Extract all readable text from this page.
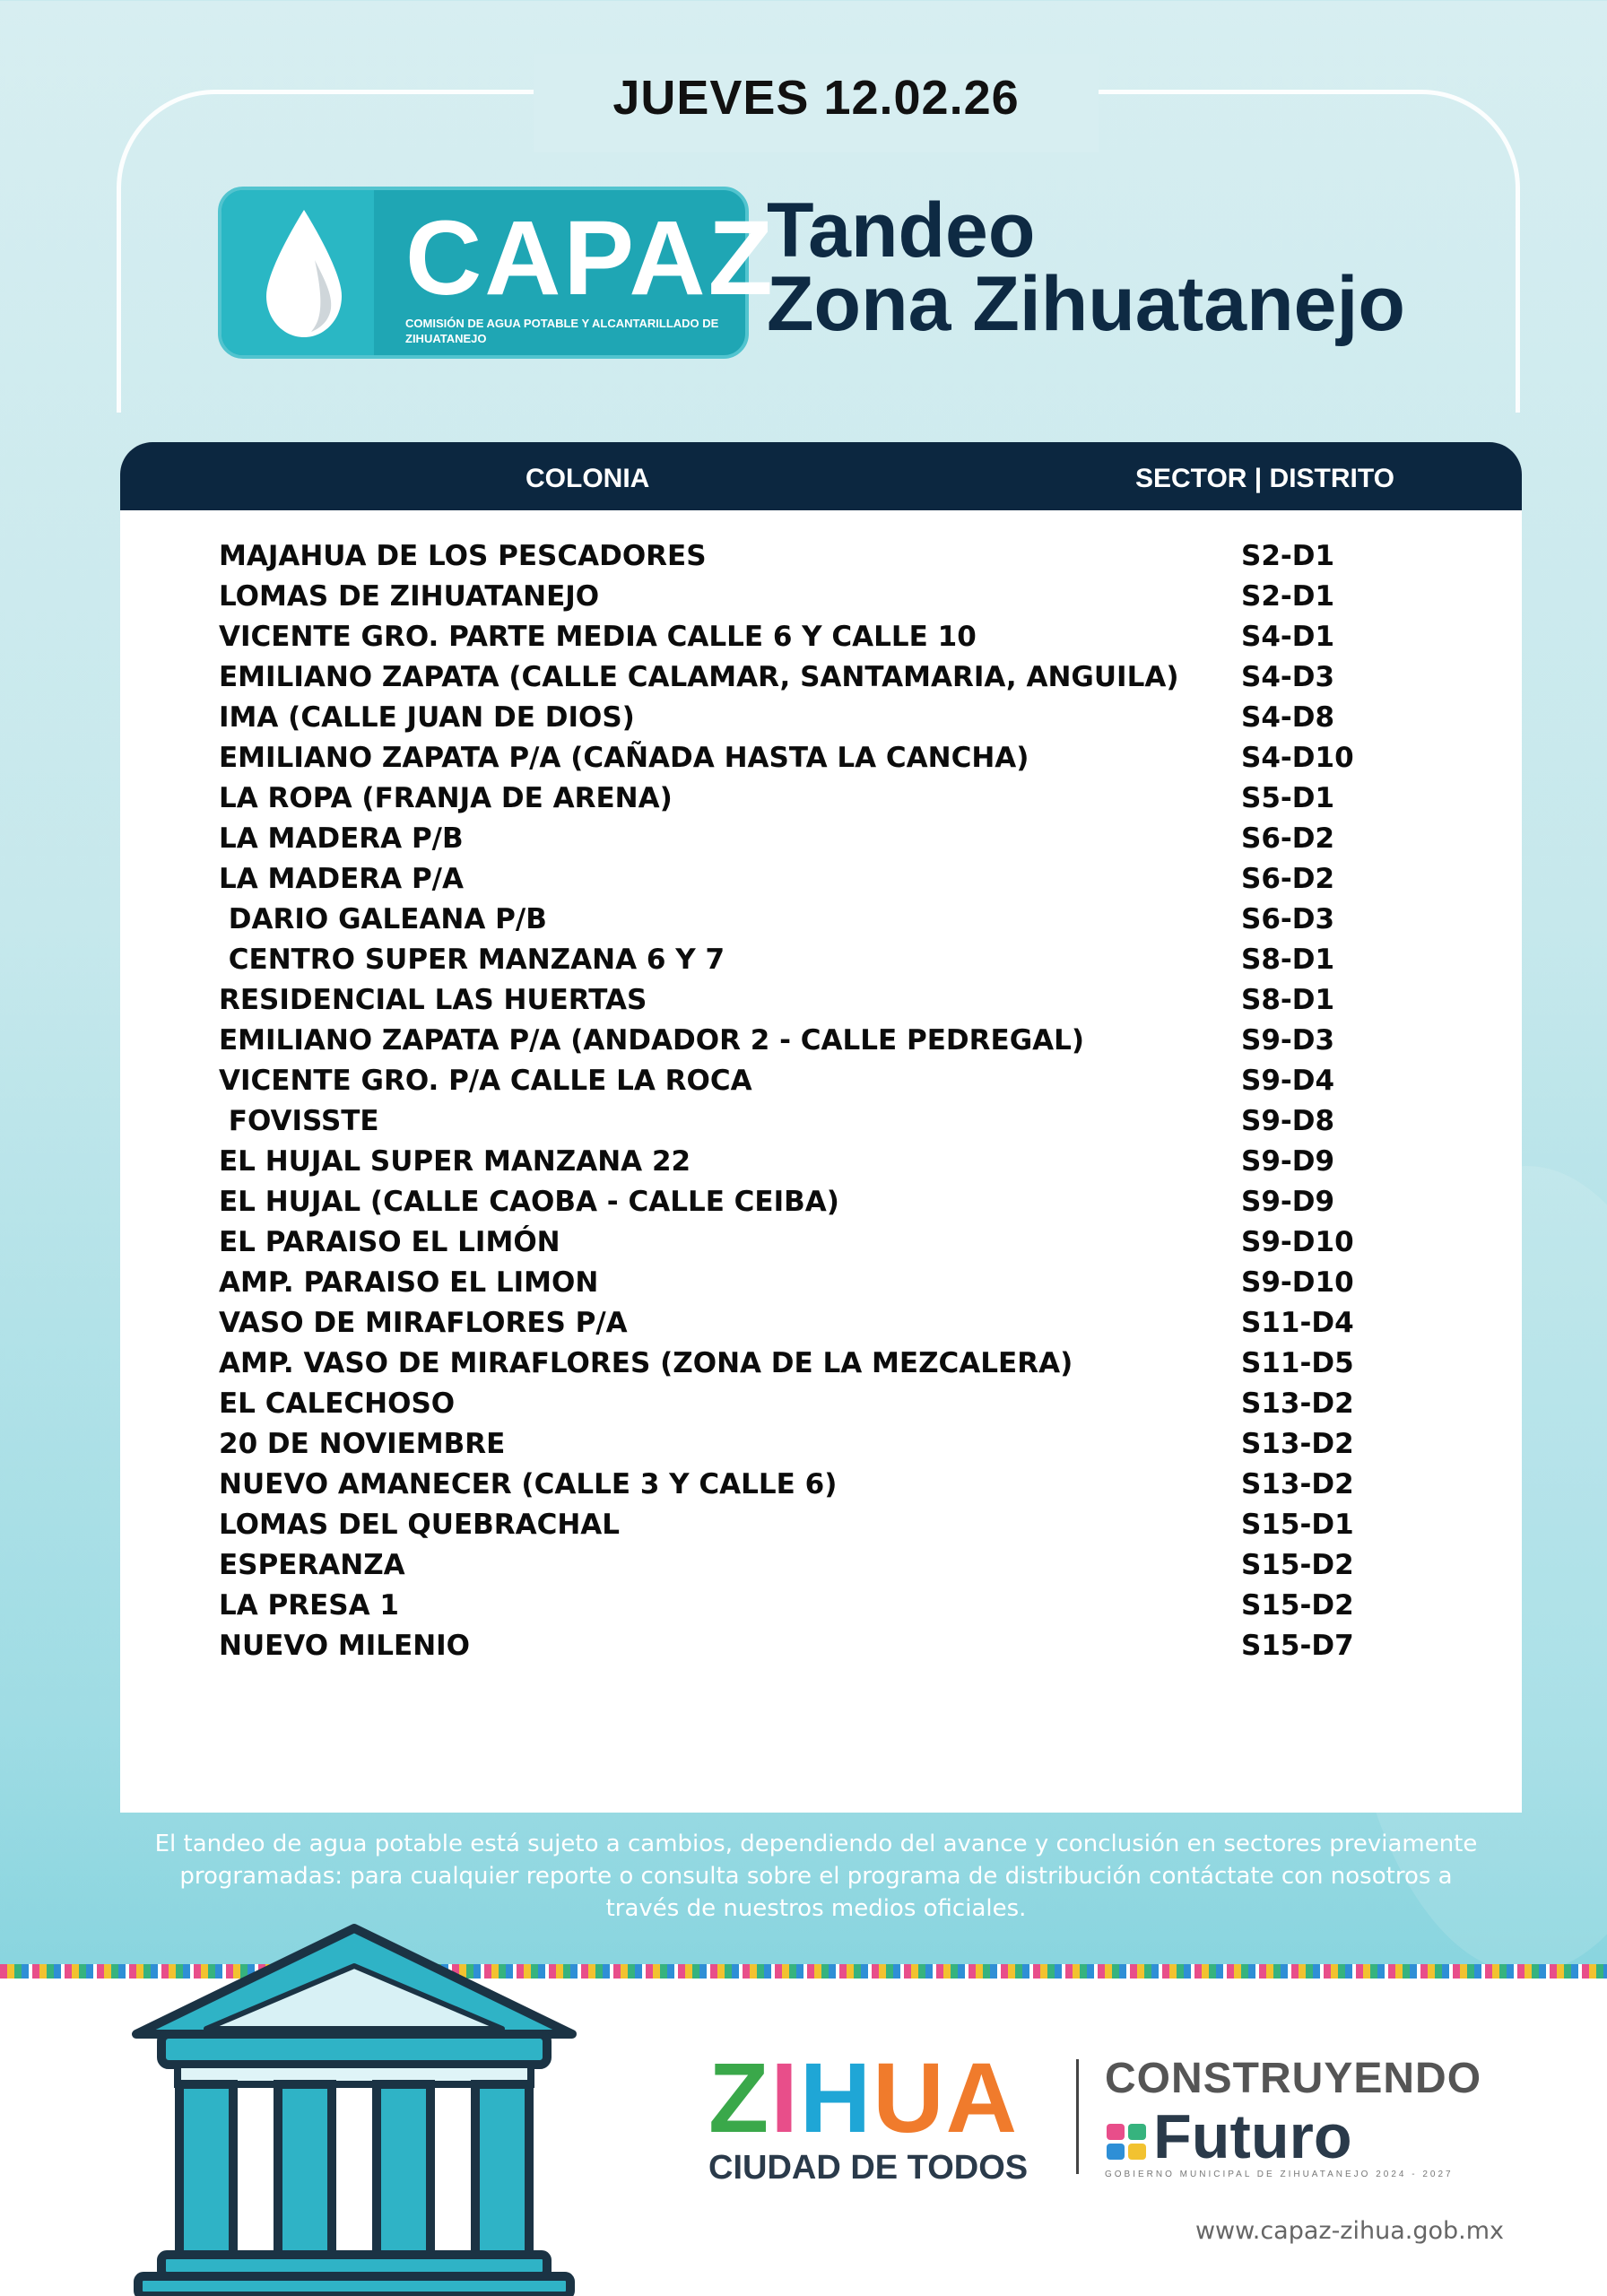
JUEVES 12.02.26
CAPAZ
COMISIÓN DE AGUA POTABLE Y ALCANTARILLADO DE ZIHUATANEJO
Tandeo
Zona Zihuatanejo
COLONIA	SECTOR | DISTRITO
MAJAHUA DE LOS PESCADORES	S2-D1
LOMAS DE ZIHUATANEJO	S2-D1
VICENTE GRO. PARTE MEDIA CALLE 6 Y CALLE 10	S4-D1
EMILIANO ZAPATA (CALLE CALAMAR, SANTAMARIA, ANGUILA) S4-D3
IMA (CALLE JUAN DE DIOS)	S4-D8
EMILIANO ZAPATA P/A (CAÑADA HASTA LA CANCHA)	S4-D10
LA ROPA (FRANJA DE ARENA)	S5-D1
LA MADERA P/B	S6-D2
LA MADERA P/A	S6-D2
DARIO GALEANA P/B	S6-D3
CENTRO SUPER MANZANA 6 Y 7	S8-D1
RESIDENCIAL LAS HUERTAS	S8-D1
EMILIANO ZAPATA P/A (ANDADOR 2 - CALLE PEDREGAL)	S9-D3
VICENTE GRO. P/A CALLE LA ROCA	S9-D4
FOVISSTE	S9-D8
EL HUJAL SUPER MANZANA 22	S9-D9
EL HUJAL (CALLE CAOBA - CALLE CEIBA)	S9-D9
EL PARAISO EL LIMÓN	S9-D10
AMP. PARAISO EL LIMON	S9-D10
VASO DE MIRAFLORES P/A	S11-D4
AMP. VASO DE MIRAFLORES (ZONA DE LA MEZCALERA)	S11-D5
EL CALECHOSO	S13-D2
20 DE NOVIEMBRE	S13-D2
NUEVO AMANECER (CALLE 3 Y CALLE 6)	S13-D2
LOMAS DEL QUEBRACHAL	S15-D1
ESPERANZA	S15-D2
LA PRESA 1	S15-D2
NUEVO MILENIO	S15-D7
El tandeo de agua potable está sujeto a cambios, dependiendo del avance y conclusión en sectores previamente programadas: para cualquier reporte o consulta sobre el programa de distribución contáctate con nosotros a través de nuestros medios oficiales.
ZIHUA
CIUDAD DE TODOS
CONSTRUYENDO
Futuro
GOBIERNO MUNICIPAL DE ZIHUATANEJO 2024 - 2027
www.capaz-zihua.gob.mx
